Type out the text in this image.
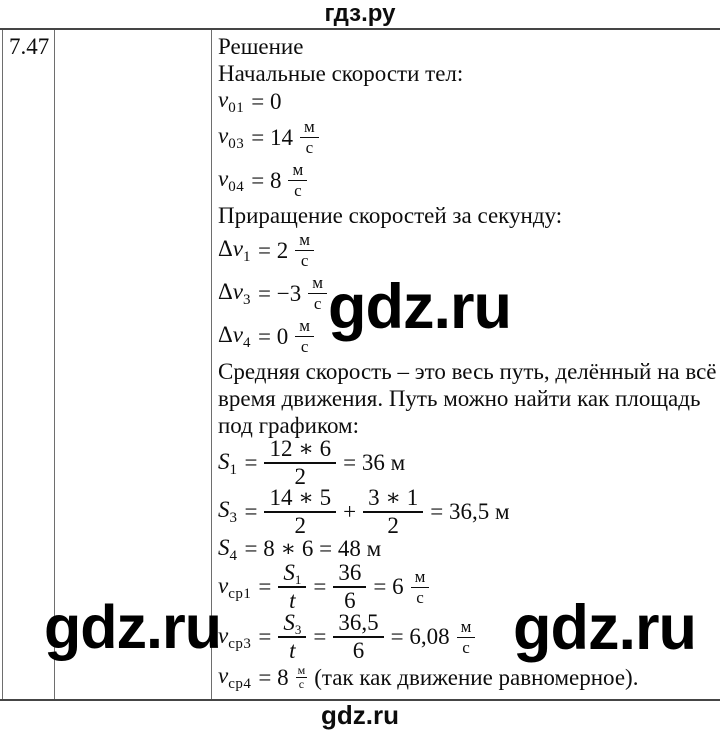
гдз.ру
7.47	Решение
Начальные скорости тел:
$v_{01} = 0$
$v_{03} = 14 \frac{м}{с}$
$v_{04} = 8 \frac{м}{с}$
Приращение скоростей за секунду:
$\Delta v_1 = 2 \frac{м}{с}$
$\Delta v_3 = -3 \frac{м}{с}$
$\Delta v_4 = 0 \frac{м}{с}$
Средняя скорость – это весь путь, делённый на всё
время движения. Путь можно найти как площадь
под графиком:
$S_1 = \frac{12 ∗ 6}{2} = 36$ м
$S_3 = \frac{14 ∗ 5}{2} + \frac{3 ∗ 1}{2} = 36,5$ м
$S_4 = 8$ ∗ 6 = 48 м
$v_{ср1} = \frac{S_1}{t} = \frac{36}{6} = 6 \frac{м}{с}$
$v_{ср3} = \frac{S_3}{t} = \frac{36,5}{6} = 6,08 \frac{м}{с}$
$v_{ср4} = 8 \frac{м}{с} (так$ как движение равномерное).
gdz.ru
gdz.ru	gdz.ru
gdz.ru
